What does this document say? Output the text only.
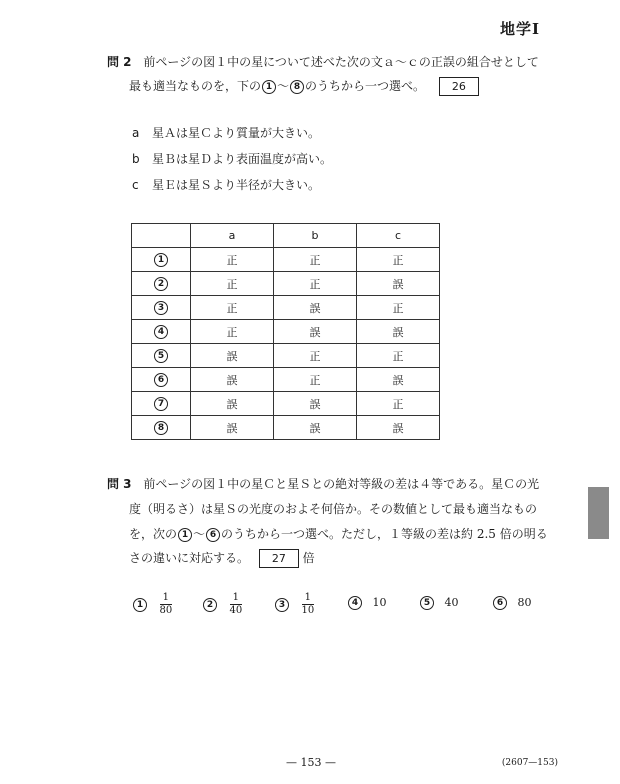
地学Ⅰ
問 2 前ページの図１中の星について述べた次の文ａ～ｃの正誤の組合せとして
最も適当なものを，下の 1 ～ 8 のうちから一つ選べ。 26
a 星Ａは星Ｃより質量が大きい。
b 星Ｂは星Ｄより表面温度が高い。
c 星Ｅは星Ｓより半径が大きい。
	a	b	c
1	正	正	正
2	正	正	誤
3	正	誤	正
4	正	誤	誤
5	誤	正	正
6	誤	正	誤
7	誤	誤	正
8	誤	誤	誤
問 3 前ページの図１中の星Ｃと星Ｓとの絶対等級の差は４等である。星Ｃの光
度（明るさ）は星Ｓの光度のおよそ何倍か。その数値として最も適当なもの
を，次の 1 ～ 6 のうちから一つ選べ。ただし，１等級の差は約 2.5 倍の明る
さの違いに対応する。 27 倍
$1 \frac{1}{80}$	$2 \frac{1}{40}$	$3 \frac{1}{10}$	4 10	5 40	6 80
— 153 —	(2607—153)
